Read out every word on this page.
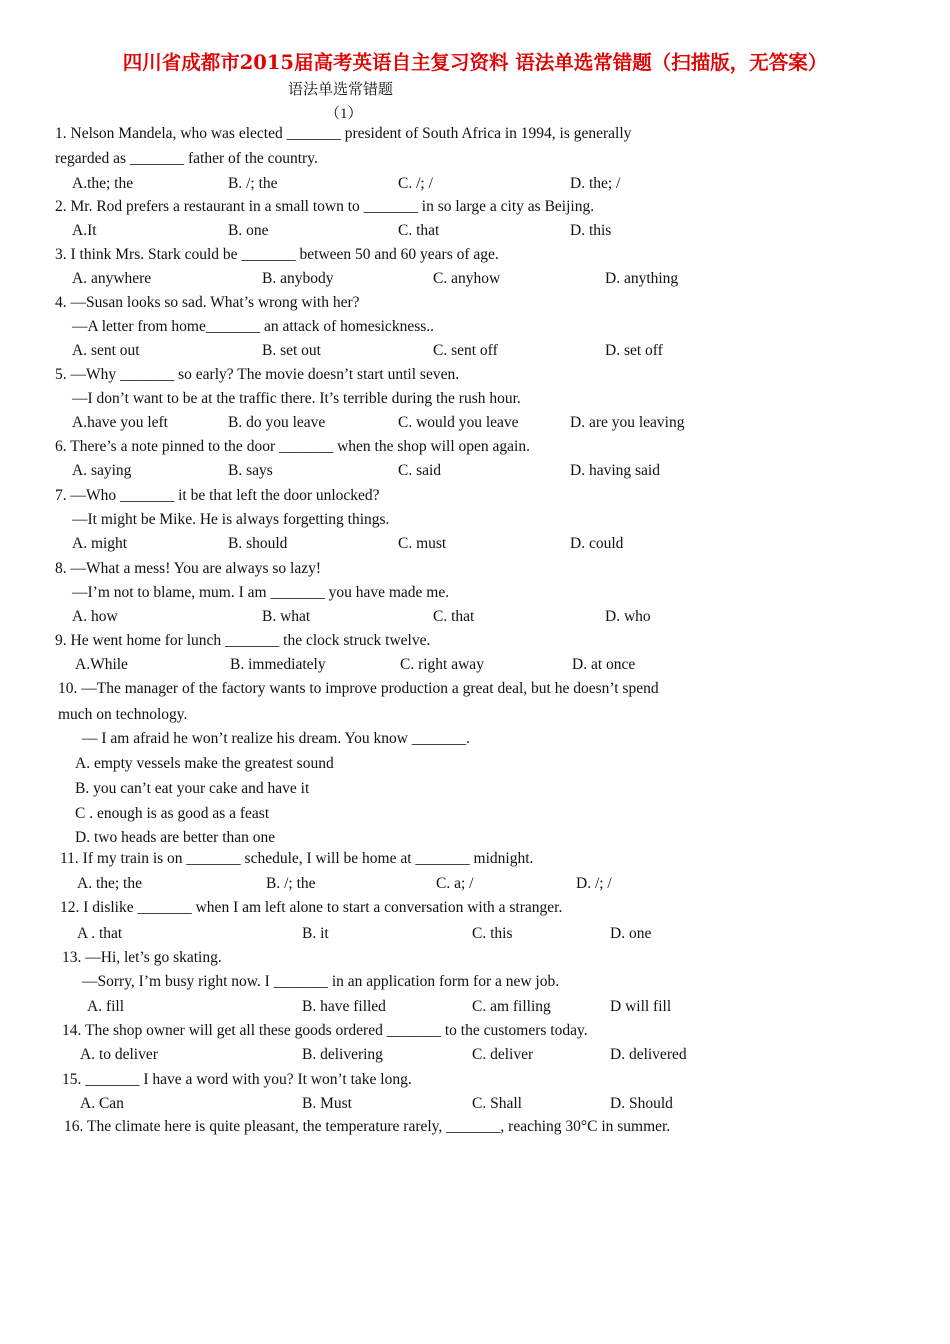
四川省成都市2015届高考英语自主复习资料 语法单选常错题（扫描版，无答案）
语法单选常错题
（1）
1. Nelson Mandela, who was elected _______ president of South Africa in 1994, is generally
regarded as _______ father of the country.
A.the; the	B. /; the	C. /; /	D. the; /
2. Mr. Rod prefers a restaurant in a small town to _______ in so large a city as Beijing.
A.It	B. one	C. that	D. this
3. I think Mrs. Stark could be _______ between 50 and 60 years of age.
A. anywhere	B. anybody	C. anyhow	D. anything
4. —Susan looks so sad. What’s wrong with her?
—A letter from home_______ an attack of homesickness..
A. sent out	B. set out	C. sent off	D. set off
5. —Why _______ so early? The movie doesn’t start until seven.
—I don’t want to be at the traffic there. It’s terrible during the rush hour.
A.have you left	B. do you leave	C. would you leave	D. are you leaving
6. There’s a note pinned to the door _______ when the shop will open again.
A. saying	B. says	C. said	D. having said
7. —Who _______ it be that left the door unlocked?
—It might be Mike. He is always forgetting things.
A. might	B. should	C. must	D. could
8. —What a mess! You are always so lazy!
—I’m not to blame, mum. I am _______ you have made me.
A. how	B. what	C. that	D. who
9. He went home for lunch _______ the clock struck twelve.
A.While	B. immediately	C. right away	D. at once
10. —The manager of the factory wants to improve production a great deal, but he doesn’t spend
much on technology.
— I am afraid he won’t realize his dream. You know _______.
A. empty vessels make the greatest sound
B. you can’t eat your cake and have it
C . enough is as good as a feast
D. two heads are better than one
11. If my train is on _______ schedule, I will be home at _______ midnight.
A. the; the	B. /; the	C. a; /	D. /; /
12. I dislike _______ when I am left alone to start a conversation with a stranger.
A . that	B. it	C. this	D. one
13. —Hi, let’s go skating.
—Sorry, I’m busy right now. I _______ in an application form for a new job.
A. fill	B. have filled	C. am filling	D will fill
14. The shop owner will get all these goods ordered _______ to the customers today.
A. to deliver	B. delivering	C. deliver	D. delivered
15. _______ I have a word with you? It won’t take long.
A. Can	B. Must	C. Shall	D. Should
16. The climate here is quite pleasant, the temperature rarely, _______, reaching 30°C in summer.
